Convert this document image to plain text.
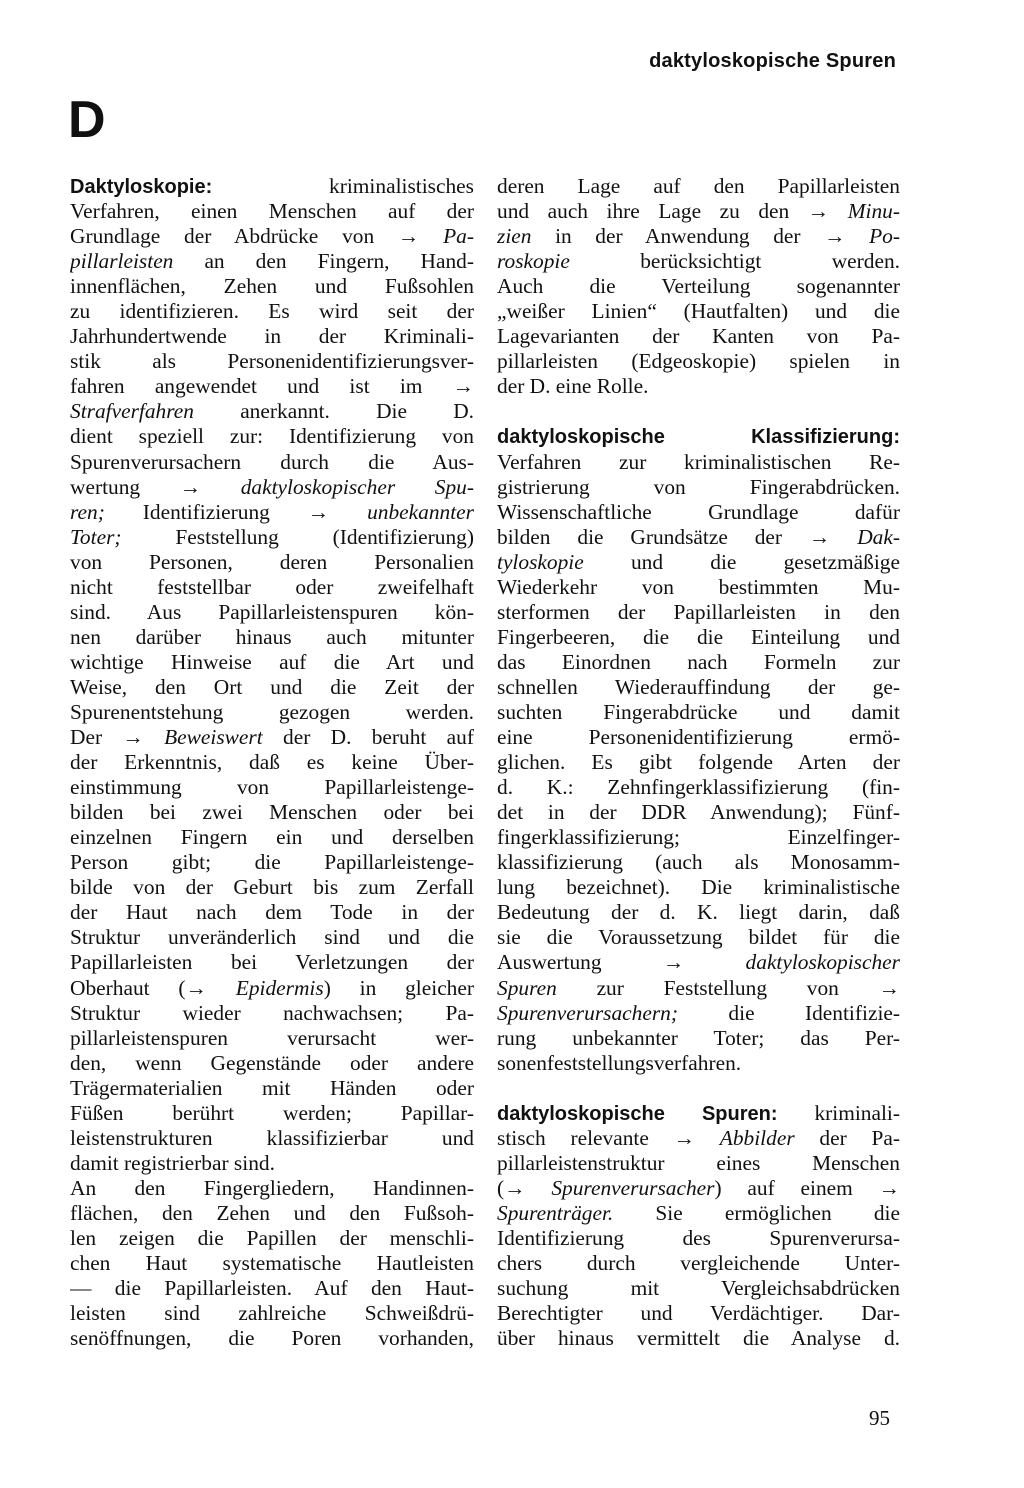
daktyloskopische Spuren
D
Daktyloskopie: kriminalistisches
Verfahren, einen Menschen auf der
Grundlage der Abdrücke von → Pa-
pillarleisten an den Fingern, Hand-
innenflächen, Zehen und Fußsohlen
zu identifizieren. Es wird seit der
Jahrhundertwende in der Kriminali-
stik als Personenidentifizierungsver-
fahren angewendet und ist im →
Strafverfahren anerkannt. Die D.
dient speziell zur: Identifizierung von
Spurenverursachern durch die Aus-
wertung → daktyloskopischer Spu-
ren; Identifizierung → unbekannter
Toter; Feststellung (Identifizierung)
von Personen, deren Personalien
nicht feststellbar oder zweifelhaft
sind. Aus Papillarleistenspuren kön-
nen darüber hinaus auch mitunter
wichtige Hinweise auf die Art und
Weise, den Ort und die Zeit der
Spurenentstehung gezogen werden.
Der → Beweiswert der D. beruht auf
der Erkenntnis, daß es keine Über-
einstimmung von Papillarleistenge-
bilden bei zwei Menschen oder bei
einzelnen Fingern ein und derselben
Person gibt; die Papillarleistenge-
bilde von der Geburt bis zum Zerfall
der Haut nach dem Tode in der
Struktur unveränderlich sind und die
Papillarleisten bei Verletzungen der
Oberhaut (→ Epidermis) in gleicher
Struktur wieder nachwachsen; Pa-
pillarleistenspuren verursacht wer-
den, wenn Gegenstände oder andere
Trägermaterialien mit Händen oder
Füßen berührt werden; Papillar-
leistenstrukturen klassifizierbar und
damit registrierbar sind.
An den Fingergliedern, Handinnen-
flächen, den Zehen und den Fußsoh-
len zeigen die Papillen der menschli-
chen Haut systematische Hautleisten
— die Papillarleisten. Auf den Haut-
leisten sind zahlreiche Schweißdrü-
senöffnungen, die Poren vorhanden,
deren Lage auf den Papillarleisten
und auch ihre Lage zu den → Minu-
zien in der Anwendung der → Po-
roskopie berücksichtigt werden.
Auch die Verteilung sogenannter
„weißer Linien“ (Hautfalten) und die
Lagevarianten der Kanten von Pa-
pillarleisten (Edgeoskopie) spielen in
der D. eine Rolle.
daktyloskopische Klassifizierung:
Verfahren zur kriminalistischen Re-
gistrierung von Fingerabdrücken.
Wissenschaftliche Grundlage dafür
bilden die Grundsätze der → Dak-
tyloskopie und die gesetzmäßige
Wiederkehr von bestimmten Mu-
sterformen der Papillarleisten in den
Fingerbeeren, die die Einteilung und
das Einordnen nach Formeln zur
schnellen Wiederauffindung der ge-
suchten Fingerabdrücke und damit
eine Personenidentifizierung ermö-
glichen. Es gibt folgende Arten der
d. K.: Zehnfingerklassifizierung (fin-
det in der DDR Anwendung); Fünf-
fingerklassifizierung; Einzelfinger-
klassifizierung (auch als Monosamm-
lung bezeichnet). Die kriminalistische
Bedeutung der d. K. liegt darin, daß
sie die Voraussetzung bildet für die
Auswertung → daktyloskopischer
Spuren zur Feststellung von →
Spurenverursachern; die Identifizie-
rung unbekannter Toter; das Per-
sonenfeststellungsverfahren.
daktyloskopische Spuren: kriminali-
stisch relevante → Abbilder der Pa-
pillarleistenstruktur eines Menschen
(→ Spurenverursacher) auf einem →
Spurenträger. Sie ermöglichen die
Identifizierung des Spurenverursa-
chers durch vergleichende Unter-
suchung mit Vergleichsabdrücken
Berechtigter und Verdächtiger. Dar-
über hinaus vermittelt die Analyse d.
95
